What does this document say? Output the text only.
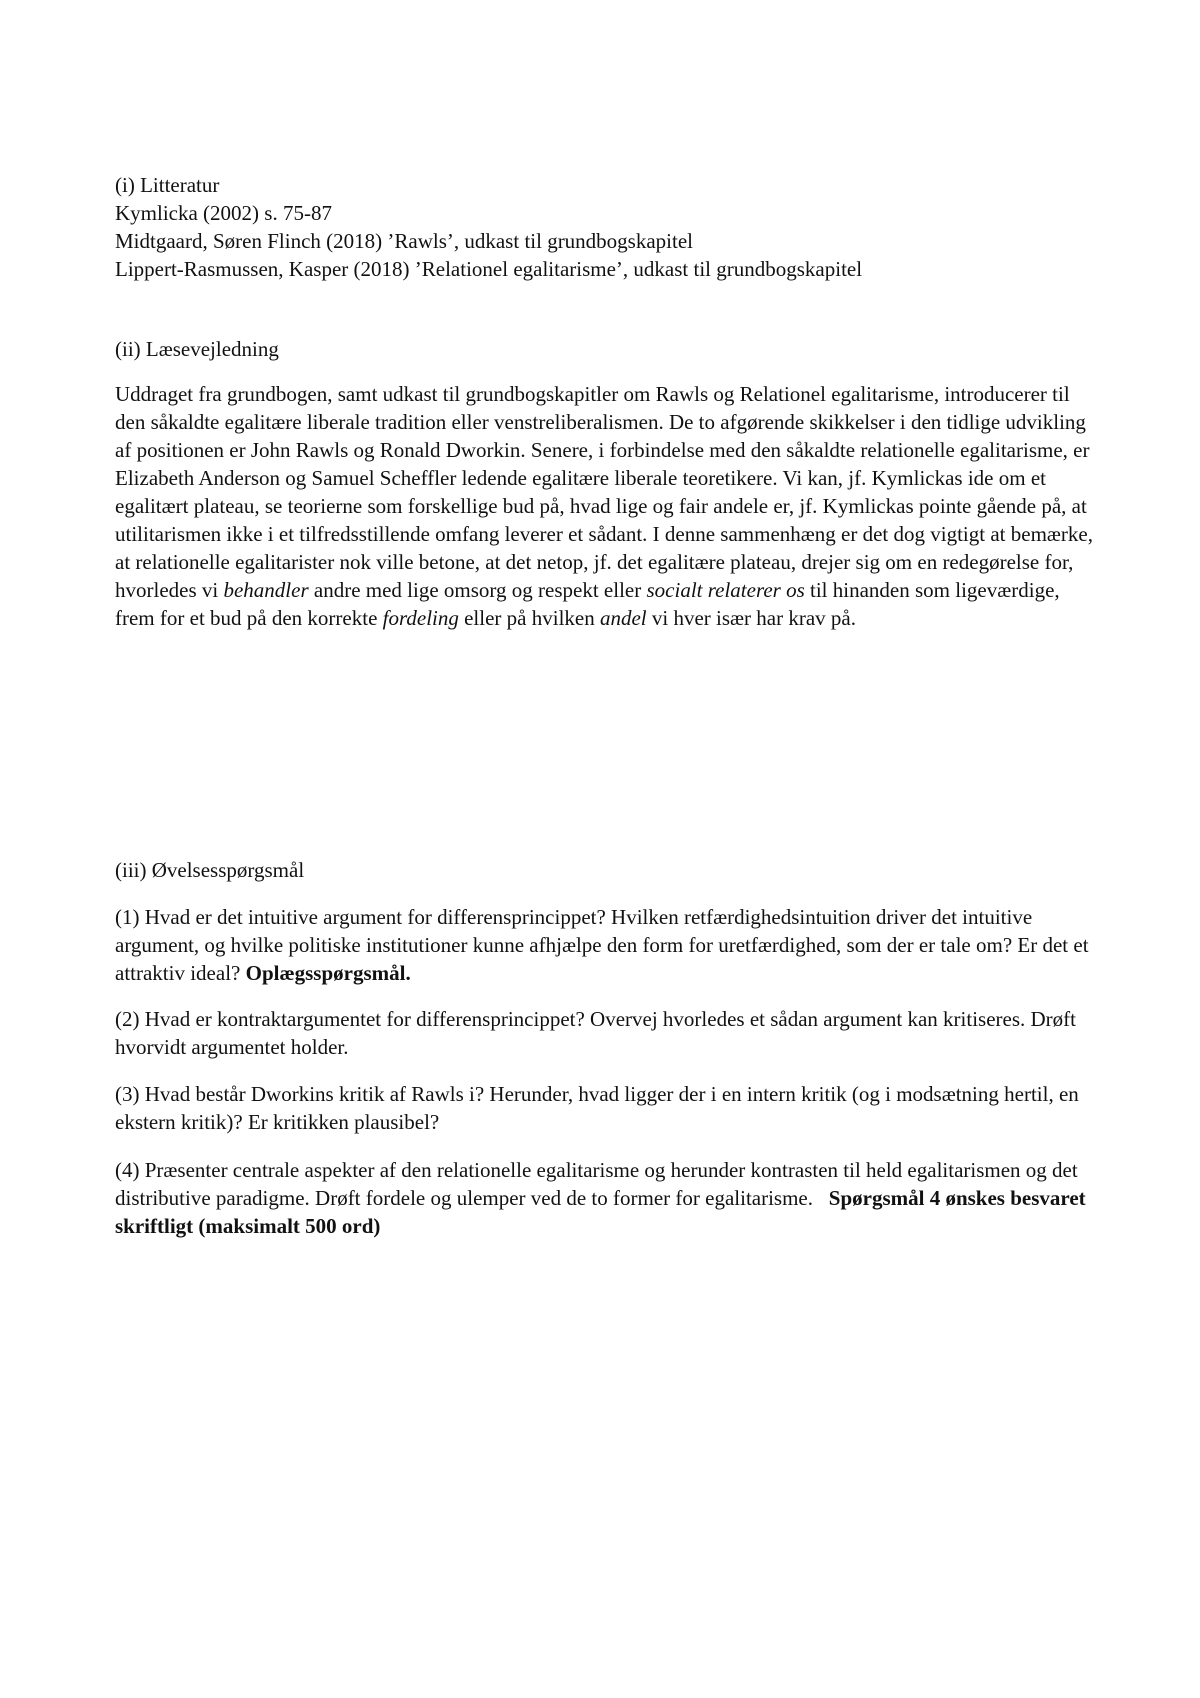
(i) Litteratur
Kymlicka (2002) s. 75-87
Midtgaard, Søren Flinch (2018) ’Rawls’, udkast til grundbogskapitel
Lippert-Rasmussen, Kasper (2018) ’Relationel egalitarisme’, udkast til grundbogskapitel
(ii) Læsevejledning

Uddraget fra grundbogen, samt udkast til grundbogskapitler om Rawls og Relationel egalitarisme, introducerer til den såkaldte egalitære liberale tradition eller venstreliberalismen. De to afgørende skikkelser i den tidlige udvikling af positionen er John Rawls og Ronald Dworkin. Senere, i forbindelse med den såkaldte relationelle egalitarisme, er Elizabeth Anderson og Samuel Scheffler ledende egalitære liberale teoretikere. Vi kan, jf. Kymlickas ide om et egalitært plateau, se teorierne som forskellige bud på, hvad lige og fair andele er, jf. Kymlickas pointe gående på, at utilitarismen ikke i et tilfredsstillende omfang leverer et sådant. I denne sammenhæng er det dog vigtigt at bemærke, at relationelle egalitarister nok ville betone, at det netop, jf. det egalitære plateau, drejer sig om en redegørelse for, hvorledes vi behandler andre med lige omsorg og respekt eller socialt relaterer os til hinanden som ligeværdige, frem for et bud på den korrekte fordeling eller på hvilken andel vi hver især har krav på.

(iii) Øvelsesspørgsmål

(1) Hvad er det intuitive argument for differensprincippet? Hvilken retfærdighedsintuition driver det intuitive argument, og hvilke politiske institutioner kunne afhjælpe den form for uretfærdighed, som der er tale om? Er det et attraktiv ideal? Oplægsspørgsmål.

(2) Hvad er kontraktargumentet for differensprincippet? Overvej hvorledes et sådan argument kan kritiseres. Drøft hvorvidt argumentet holder.

(3) Hvad består Dworkins kritik af Rawls i? Herunder, hvad ligger der i en intern kritik (og i modsætning hertil, en ekstern kritik)? Er kritikken plausibel?

(4) Præsenter centrale aspekter af den relationelle egalitarisme og herunder kontrasten til held egalitarismen og det distributive paradigme. Drøft fordele og ulemper ved de to former for egalitarisme.   Spørgsmål 4 ønskes besvaret skriftligt (maksimalt 500 ord)
